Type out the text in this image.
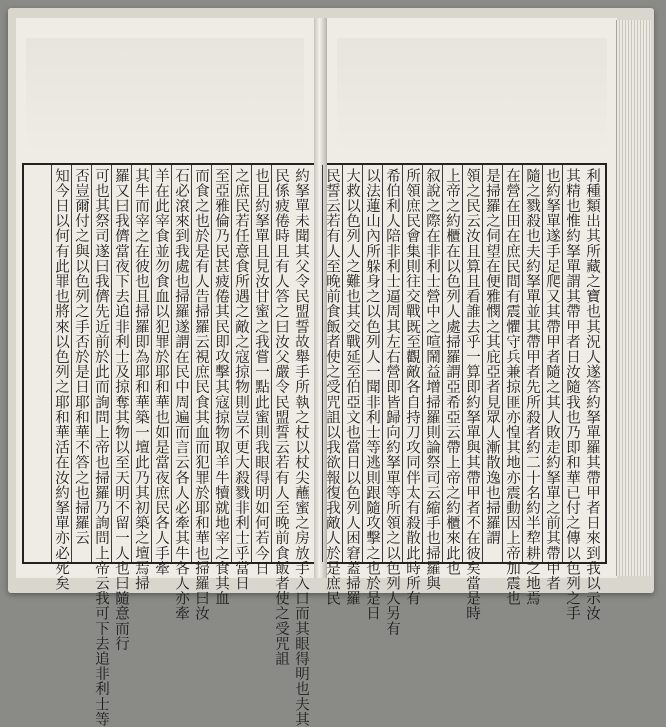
約拏單未聞其父令民盟誓故舉手所執之杖以杖尖蘸蜜之房放手入口而其眼得明也夫其
民係疲倦時且有人答之曰汝父嚴令民盟誓云若有人至晚前食飯者使之受咒詛
也且約拏單且見汝甘蜜之我嘗一點此蜜則我眼得明如何若今日
之庶民若任意食所遇之敵之寇掠物則豈不更大殺戮非利士乎當日
至亞雅倫乃民甚疲倦其民即攻擊其寇掠物取羊牛犢就地宰之食其血
而食之也於是有人告掃羅云視庶民食其血而犯罪於耶和華也掃羅曰汝
石必滾來到我處也掃羅遂謂在民中周遍而言云各人必牽其牛各人亦牽
羊在此宰食並勿食血以犯罪於耶和華也如是當夜庶民各人手牽
其牛而宰之在彼也且掃羅即為耶和華築一壇此乃其初築之壇焉掃
羅又曰我儕當夜下去追非利士及掠奪其物以至天明不留一人也曰隨意而行
可也其祭司遂曰我儕先近前於此而詢問上帝也掃羅乃詢問上帝云我可下去追非利士等
否豈爾付之與以色列之手否於是日耶和華不答之也掃羅云
知今日以何有此罪也將來以色列之耶和華活在汝約拏單亦必死矣	利種類出其所藏之寶也其況人遂答約拏單羅其帶甲者日來到我以示汝
其精也惟約拏單謂其帶甲者日汝隨我也乃即和華已付之傳以色列之手
也約拏單遂手足爬又其帶甲者隨之其人敗走約拏單之前其帶甲者
隨之戮殺也夫約拏單並其帶甲者先所殺者約二十名約半犂耕之地焉
在營在田在庶民間有震懼守兵兼掠匪亦惶其地亦震動因上帝加震也
是掃羅之伺望在便雅憫之其庇亞者見眾人漸散逸也掃羅謂
領之民云汝且算且看誰去乎一算即約拏單與其帶甲者不在彼矣當是時
上帝之約櫃在以色列人處掃羅謂亞希亞云帶上帝之約櫃來此也
叙說之際在非利士營中之喧鬧益增掃羅則論祭司云縮手也掃羅與
所領庶民會集則往交戰既至觀敵各自持刀攻同伴太有殺散此時所有
希伯利人陪非利士逼周其左右營即皆歸向約拏單等所領之以色列人另有
以法蓮山內所躲身之以色列人一聞非利士等逃則跟隨攻擊之也於是日
大救以色列人之難也其交戰延至伯亞文也當日以色列人困窘蓋掃羅
民誓云若有人至晚前食飯者使之受咒詛以我欲報復我敵人於是庶民
